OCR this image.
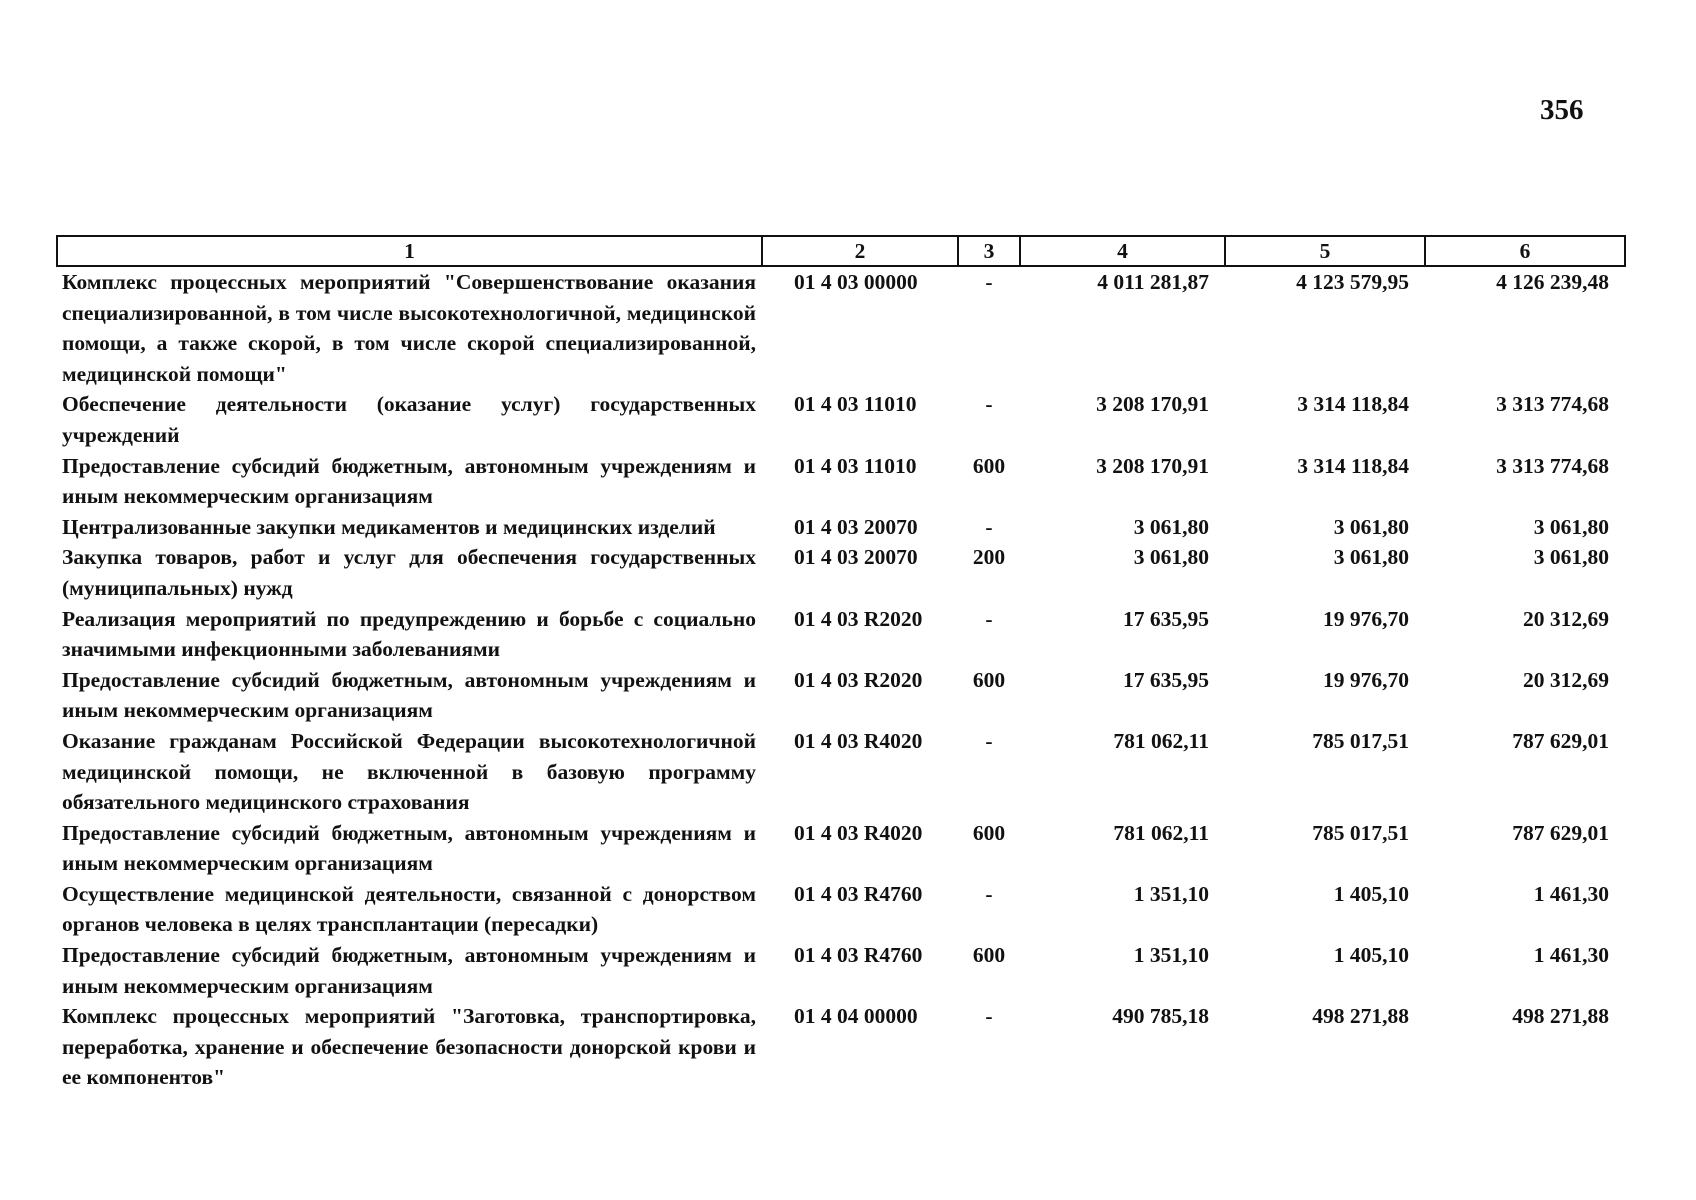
356
1	2	3	4	5	6
Комплекс процессных мероприятий "Совершенствование оказания специализированной, в том числе высокотехнологичной, медицинской помощи, а также скорой, в том числе скорой специализированной, медицинской помощи"	01 4 03 00000	-	4 011 281,87	4 123 579,95	4 126 239,48
Обеспечение деятельности (оказание услуг) государственных учреждений	01 4 03 11010	-	3 208 170,91	3 314 118,84	3 313 774,68
Предоставление субсидий бюджетным, автономным учреждениям и иным некоммерческим организациям	01 4 03 11010	600	3 208 170,91	3 314 118,84	3 313 774,68
Централизованные закупки медикаментов и медицинских изделий	01 4 03 20070	-	3 061,80	3 061,80	3 061,80
Закупка товаров, работ и услуг для обеспечения государственных (муниципальных) нужд	01 4 03 20070	200	3 061,80	3 061,80	3 061,80
Реализация мероприятий по предупреждению и борьбе с социально значимыми инфекционными заболеваниями	01 4 03 R2020	-	17 635,95	19 976,70	20 312,69
Предоставление субсидий бюджетным, автономным учреждениям и иным некоммерческим организациям	01 4 03 R2020	600	17 635,95	19 976,70	20 312,69
Оказание гражданам Российской Федерации высокотехнологичной медицинской помощи, не включенной в базовую программу обязательного медицинского страхования	01 4 03 R4020	-	781 062,11	785 017,51	787 629,01
Предоставление субсидий бюджетным, автономным учреждениям и иным некоммерческим организациям	01 4 03 R4020	600	781 062,11	785 017,51	787 629,01
Осуществление медицинской деятельности, связанной с донорством органов человека в целях трансплантации (пересадки)	01 4 03 R4760	-	1 351,10	1 405,10	1 461,30
Предоставление субсидий бюджетным, автономным учреждениям и иным некоммерческим организациям	01 4 03 R4760	600	1 351,10	1 405,10	1 461,30
Комплекс процессных мероприятий "Заготовка, транспортировка, переработка, хранение и обеспечение безопасности донорской крови и ее компонентов"	01 4 04 00000	-	490 785,18	498 271,88	498 271,88
